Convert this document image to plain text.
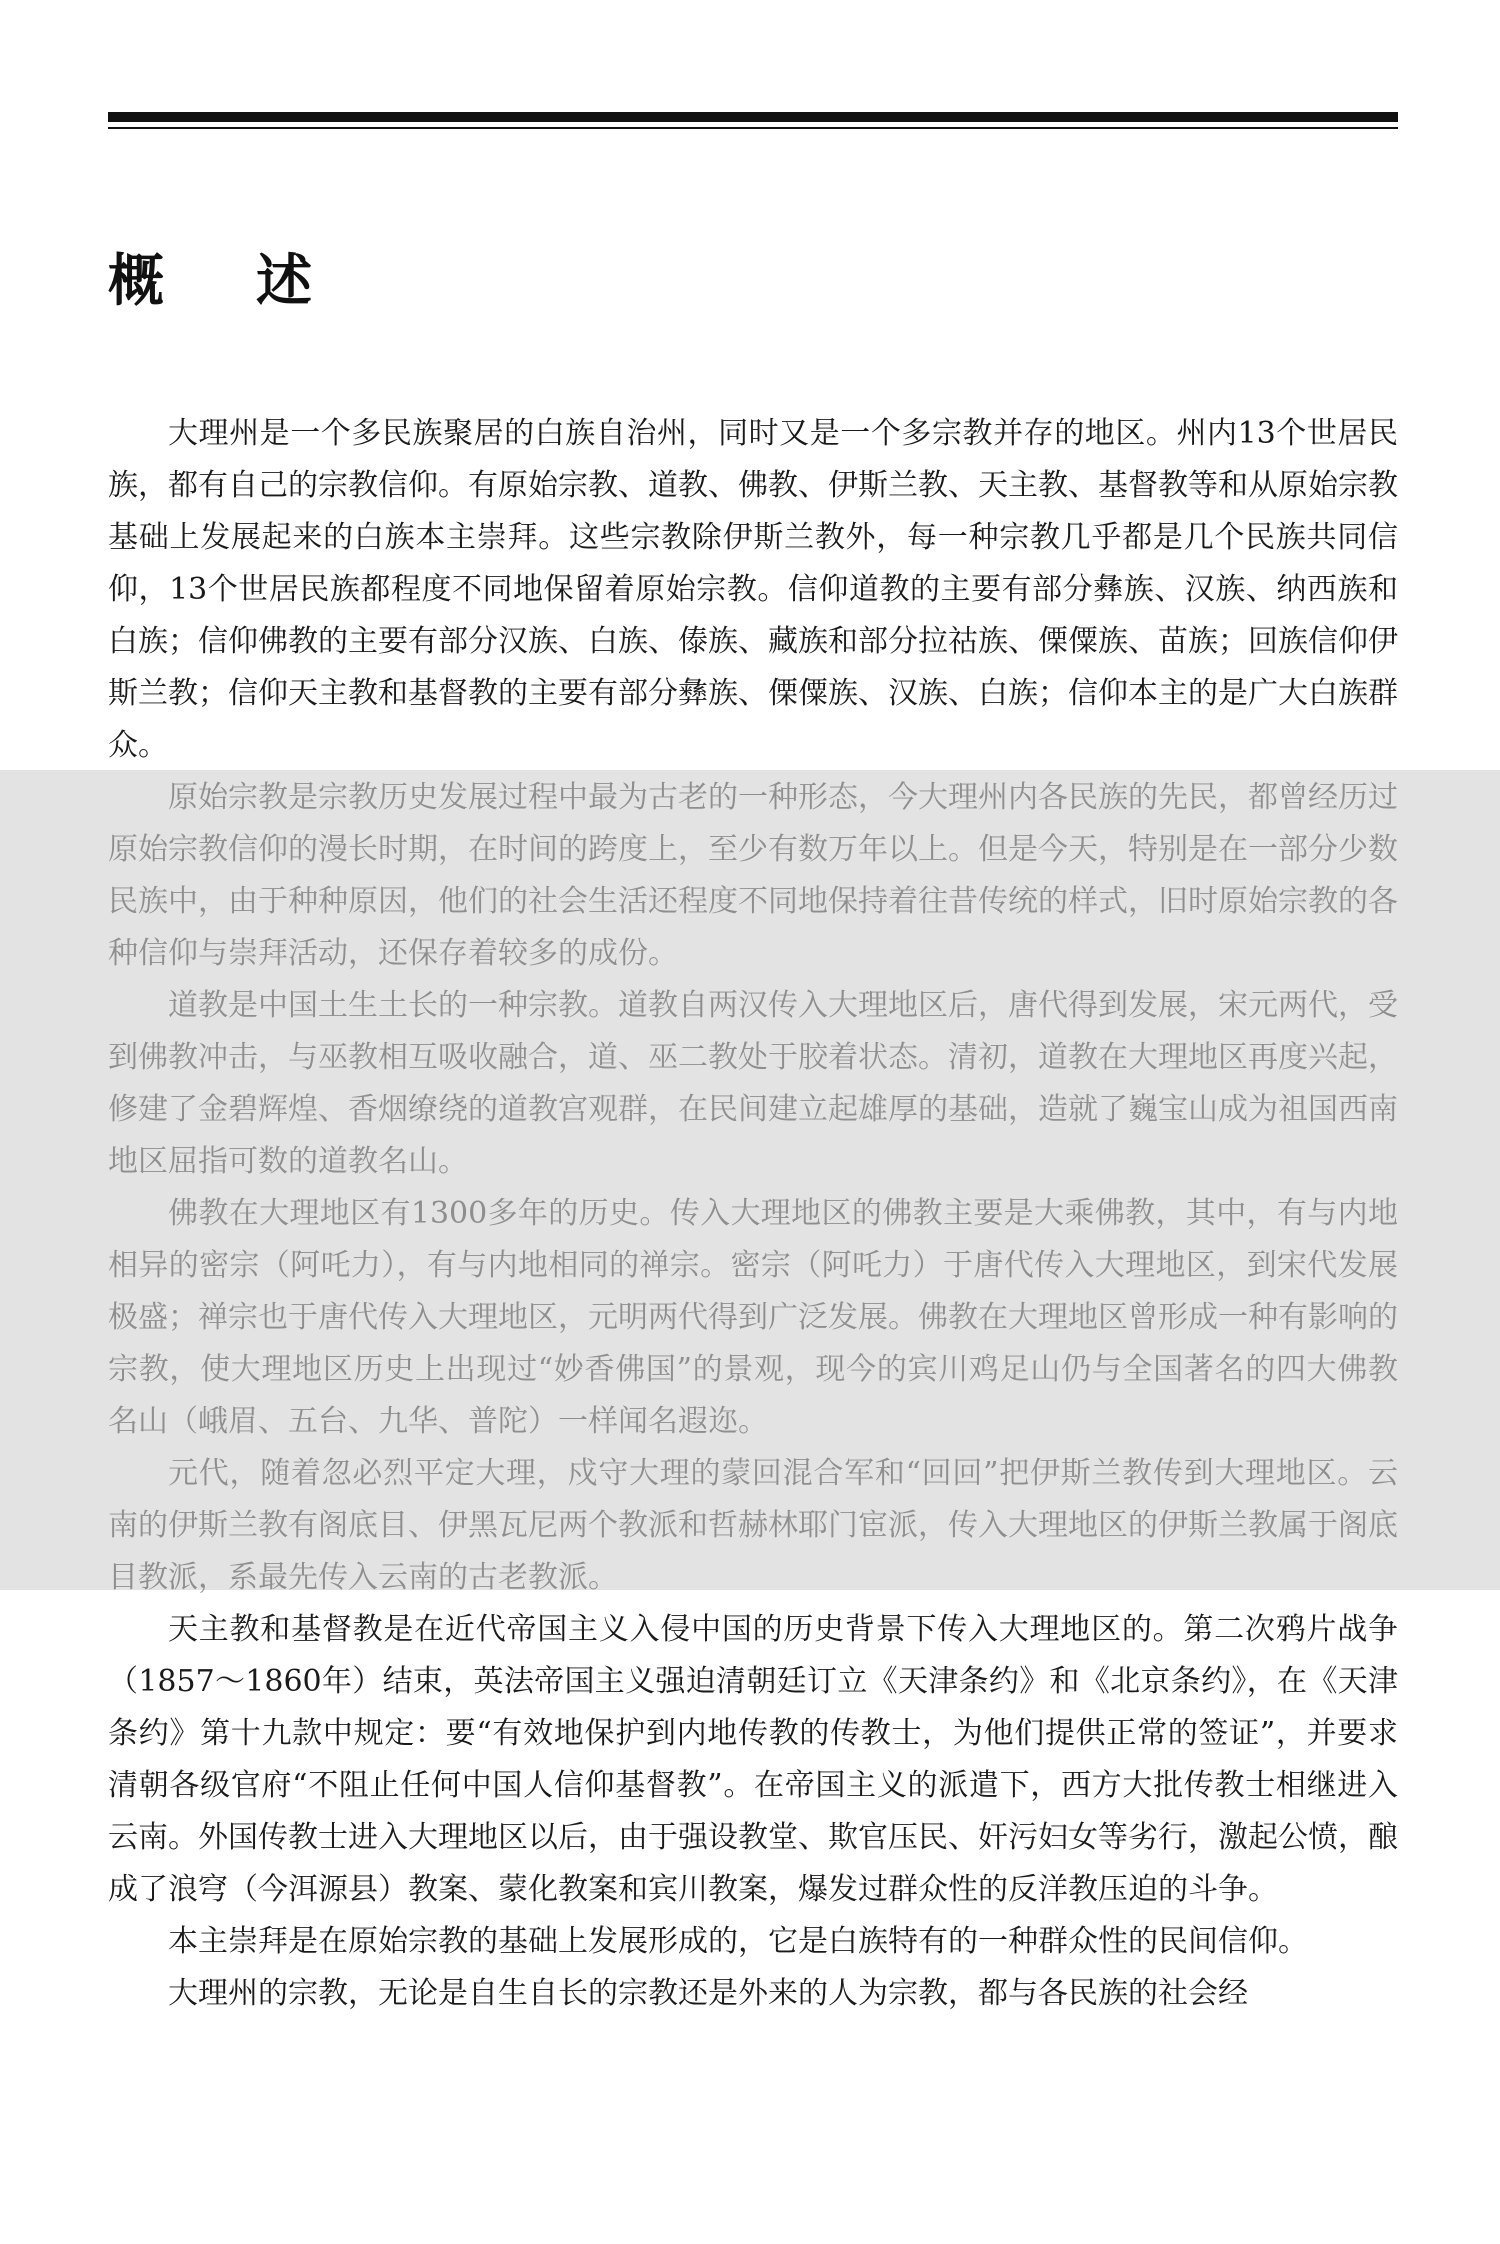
概 述

大理州是一个多民族聚居的白族自治州，同时又是一个多宗教并存的地区。州内13个世居民族，都有自己的宗教信仰。有原始宗教、道教、佛教、伊斯兰教、天主教、基督教等和从原始宗教基础上发展起来的白族本主崇拜。这些宗教除伊斯兰教外，每一种宗教几乎都是几个民族共同信仰，13个世居民族都程度不同地保留着原始宗教。信仰道教的主要有部分彝族、汉族、纳西族和白族；信仰佛教的主要有部分汉族、白族、傣族、藏族和部分拉祜族、傈僳族、苗族；回族信仰伊斯兰教；信仰天主教和基督教的主要有部分彝族、傈僳族、汉族、白族；信仰本主的是广大白族群众。

原始宗教是宗教历史发展过程中最为古老的一种形态，今大理州内各民族的先民，都曾经历过原始宗教信仰的漫长时期，在时间的跨度上，至少有数万年以上。但是今天，特别是在一部分少数民族中，由于种种原因，他们的社会生活还程度不同地保持着往昔传统的样式，旧时原始宗教的各种信仰与崇拜活动，还保存着较多的成份。

道教是中国土生土长的一种宗教。道教自两汉传入大理地区后，唐代得到发展，宋元两代，受到佛教冲击，与巫教相互吸收融合，道、巫二教处于胶着状态。清初，道教在大理地区再度兴起，修建了金碧辉煌、香烟缭绕的道教宫观群，在民间建立起雄厚的基础，造就了巍宝山成为祖国西南地区屈指可数的道教名山。

佛教在大理地区有1300多年的历史。传入大理地区的佛教主要是大乘佛教，其中，有与内地相异的密宗（阿吒力），有与内地相同的禅宗。密宗（阿吒力）于唐代传入大理地区，到宋代发展极盛；禅宗也于唐代传入大理地区，元明两代得到广泛发展。佛教在大理地区曾形成一种有影响的宗教，使大理地区历史上出现过“妙香佛国”的景观，现今的宾川鸡足山仍与全国著名的四大佛教名山（峨眉、五台、九华、普陀）一样闻名遐迩。

元代，随着忽必烈平定大理，戍守大理的蒙回混合军和“回回”把伊斯兰教传到大理地区。云南的伊斯兰教有阁底目、伊黑瓦尼两个教派和哲赫林耶门宦派，传入大理地区的伊斯兰教属于阁底目教派，系最先传入云南的古老教派。

天主教和基督教是在近代帝国主义入侵中国的历史背景下传入大理地区的。第二次鸦片战争（1857～1860年）结束，英法帝国主义强迫清朝廷订立《天津条约》和《北京条约》，在《天津条约》第十九款中规定：要“有效地保护到内地传教的传教士，为他们提供正常的签证”，并要求清朝各级官府“不阻止任何中国人信仰基督教”。在帝国主义的派遣下，西方大批传教士相继进入云南。外国传教士进入大理地区以后，由于强设教堂、欺官压民、奸污妇女等劣行，激起公愤，酿成了浪穹（今洱源县）教案、蒙化教案和宾川教案，爆发过群众性的反洋教压迫的斗争。

本主崇拜是在原始宗教的基础上发展形成的，它是白族特有的一种群众性的民间信仰。

大理州的宗教，无论是自生自长的宗教还是外来的人为宗教，都与各民族的社会经
